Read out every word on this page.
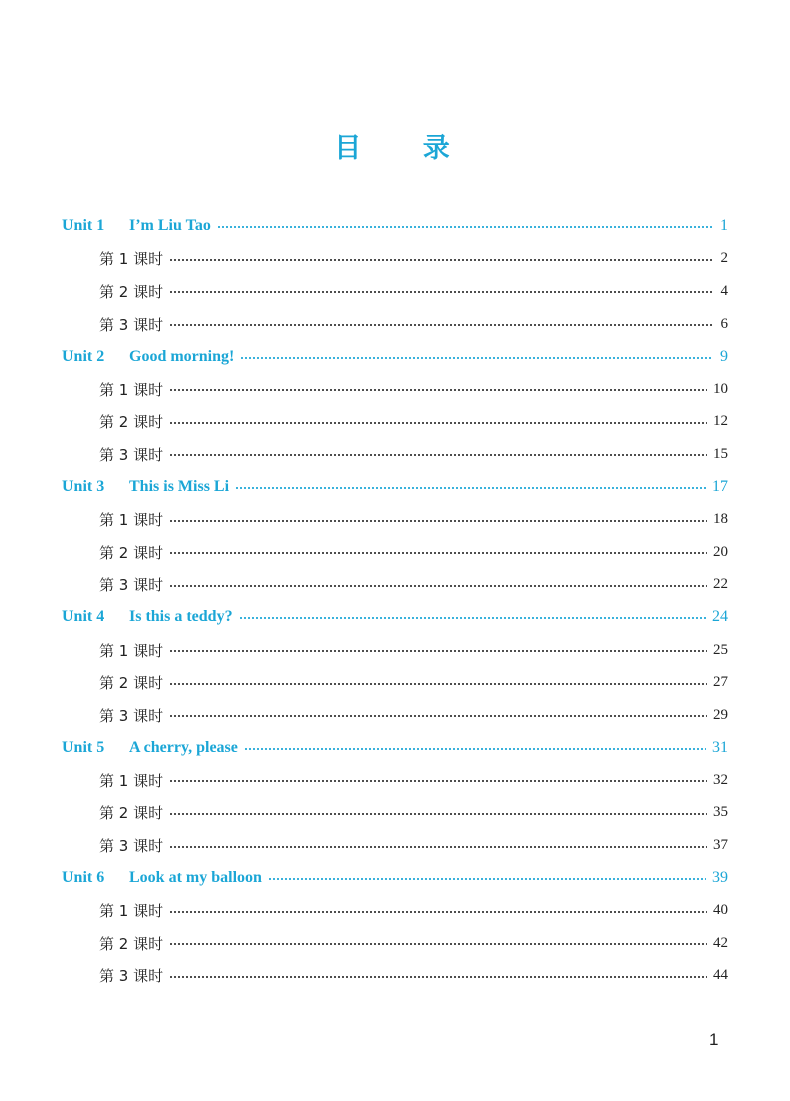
目 录
Unit 1	I’m Liu Tao	1
第 1 课时	2
第 2 课时	4
第 3 课时	6
Unit 2	Good morning!	9
第 1 课时	10
第 2 课时	12
第 3 课时	15
Unit 3	This is Miss Li	17
第 1 课时	18
第 2 课时	20
第 3 课时	22
Unit 4	Is this a teddy?	24
第 1 课时	25
第 2 课时	27
第 3 课时	29
Unit 5	A cherry, please	31
第 1 课时	32
第 2 课时	35
第 3 课时	37
Unit 6	Look at my balloon	39
第 1 课时	40
第 2 课时	42
第 3 课时	44
1
